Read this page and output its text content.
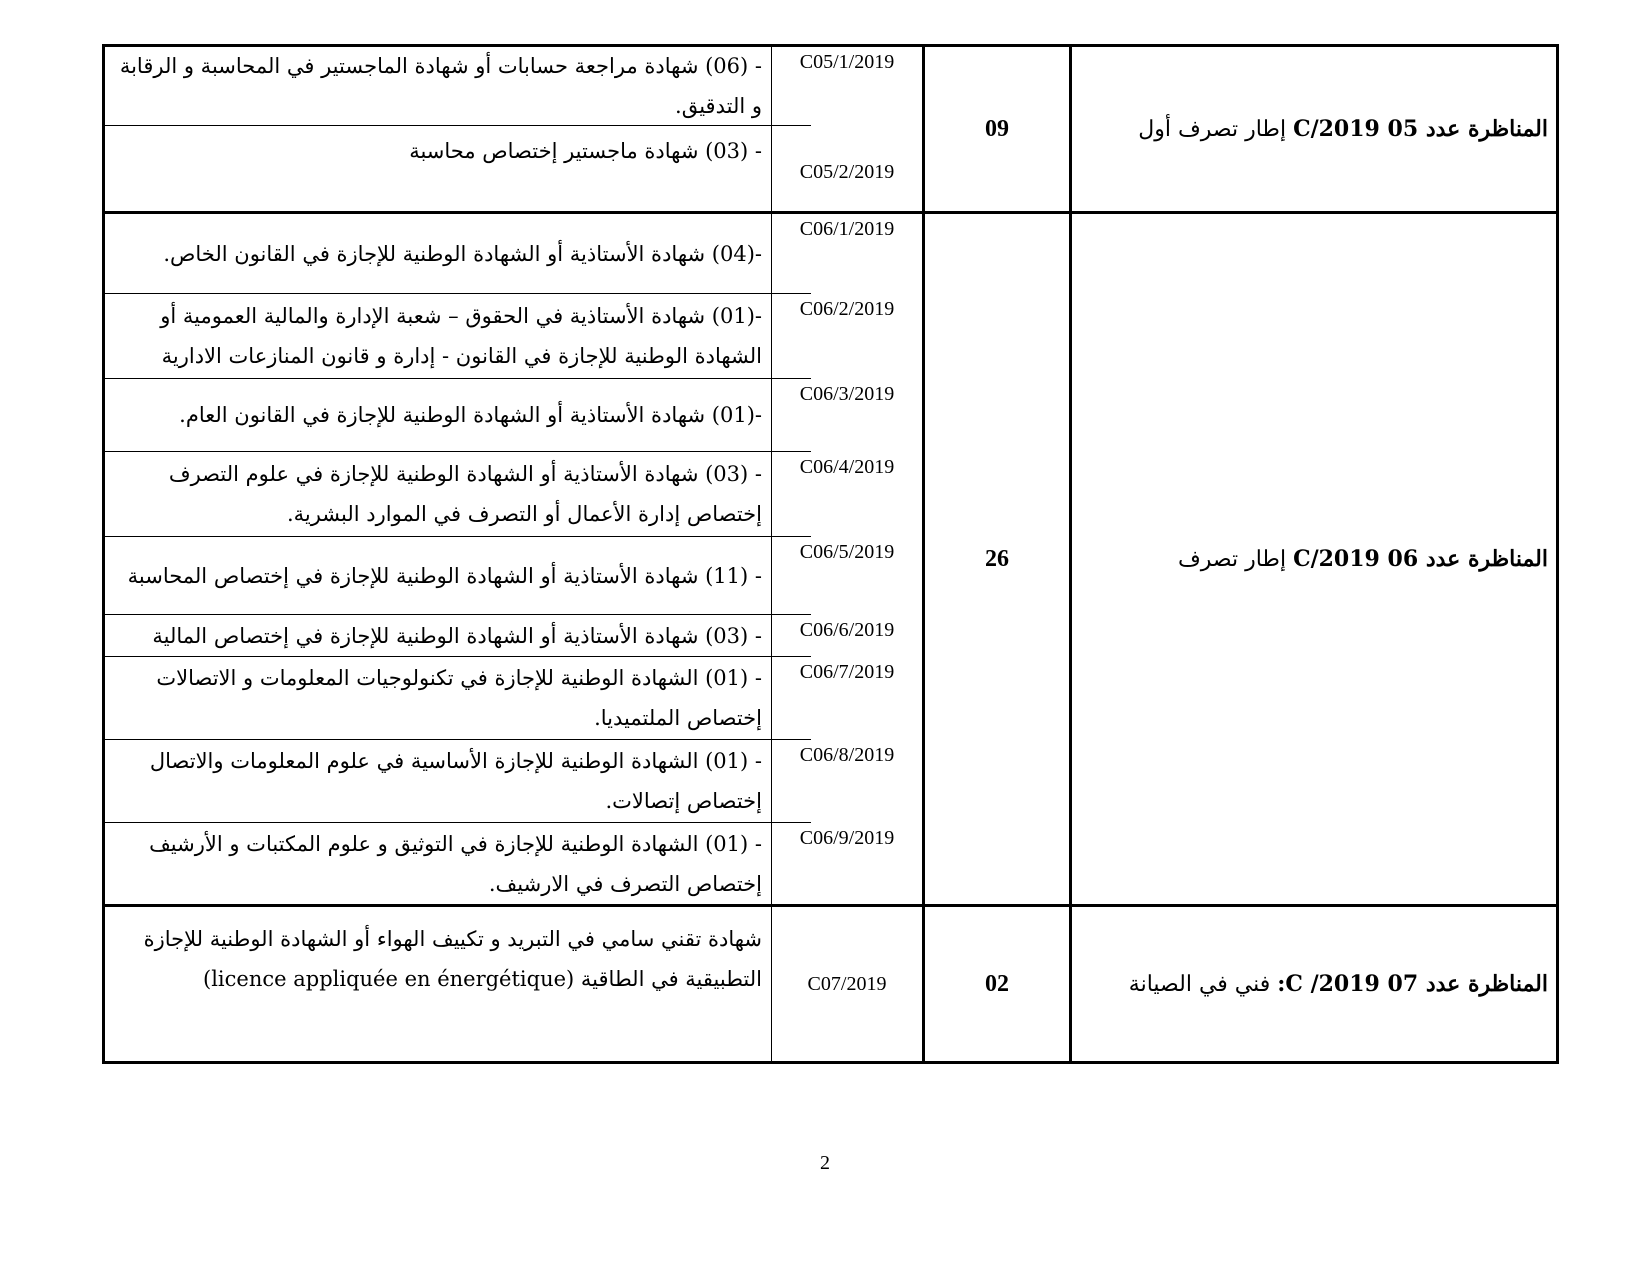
المناظرة عدد 05 2019/C إطار تصرف أول
09
C05/1/2019
- (06) شهادة مراجعة حسابات أو شهادة الماجستير في المحاسبة و الرقابة و التدقيق.
C05/2/2019
- (03) شهادة ماجستير إختصاص محاسبة
المناظرة عدد 06 2019/C إطار تصرف
26
C06/1/2019
-(04) شهادة الأستاذية أو الشهادة الوطنية للإجازة في القانون الخاص.
C06/2/2019
-(01) شهادة الأستاذية في الحقوق – شعبة الإدارة والمالية العمومية أو الشهادة الوطنية للإجازة في القانون - إدارة و قانون المنازعات الادارية
C06/3/2019
-(01) شهادة الأستاذية أو الشهادة الوطنية للإجازة في القانون العام.
C06/4/2019
- (03) شهادة الأستاذية أو الشهادة الوطنية للإجازة في علوم التصرف إختصاص إدارة الأعمال أو التصرف في الموارد البشرية.
C06/5/2019
- (11) شهادة الأستاذية أو الشهادة الوطنية للإجازة في إختصاص المحاسبة
C06/6/2019
- (03) شهادة الأستاذية أو الشهادة الوطنية للإجازة في إختصاص المالية
C06/7/2019
- (01) الشهادة الوطنية للإجازة في تكنولوجيات المعلومات و الاتصالات إختصاص الملتميديا.
C06/8/2019
- (01) الشهادة الوطنية للإجازة الأساسية في علوم المعلومات والاتصال إختصاص إتصالات.
C06/9/2019
- (01) الشهادة الوطنية للإجازة في التوثيق و علوم المكتبات و الأرشيف إختصاص التصرف في الارشيف.
المناظرة عدد 07 C /2019: فني في الصيانة
02
C07/2019
شهادة تقني سامي في التبريد و تكييف الهواء أو الشهادة الوطنية للإجازة التطبيقية في الطاقية (licence appliquée en énergétique)
2
